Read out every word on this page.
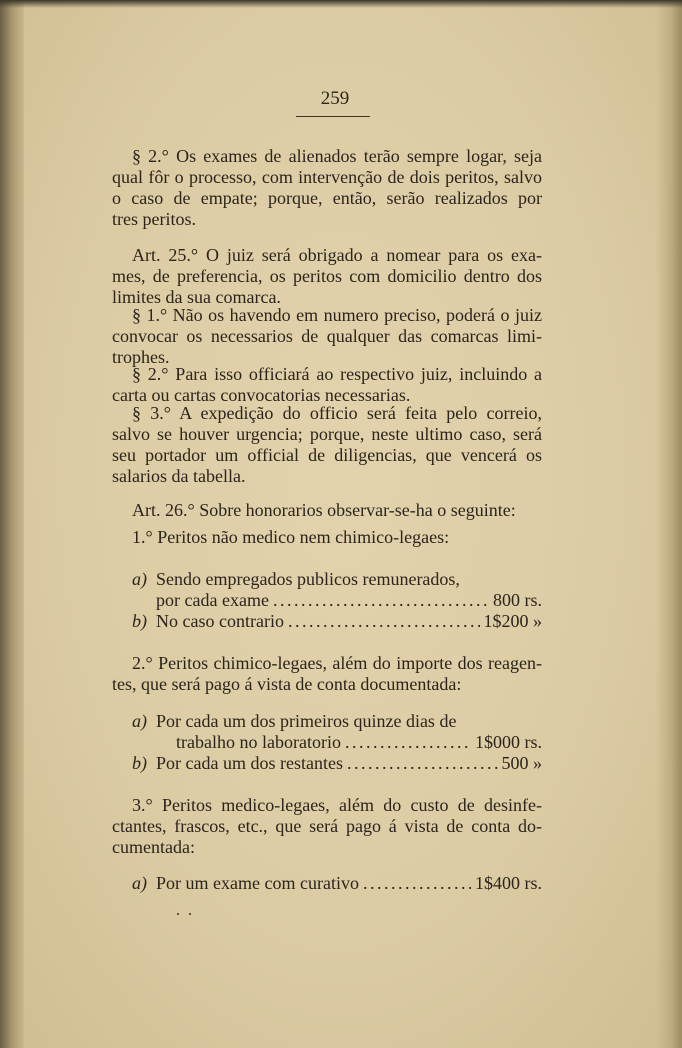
259
§ 2.° Os exames de alienados terão sempre logar, seja
qual fôr o processo, com intervenção de dois peritos, salvo
o caso de empate; porque, então, serão realizados por
tres peritos.
Art. 25.° O juiz será obrigado a nomear para os exa-
mes, de preferencia, os peritos com domicilio dentro dos
limites da sua comarca.
§ 1.° Não os havendo em numero preciso, poderá o juiz
convocar os necessarios de qualquer das comarcas limi-
trophes.
§ 2.° Para isso officiará ao respectivo juiz, incluindo a
carta ou cartas convocatorias necessarias.
§ 3.° A expedição do officio será feita pelo correio,
salvo se houver urgencia; porque, neste ultimo caso, será
seu portador um official de diligencias, que vencerá os
salarios da tabella.
Art. 26.° Sobre honorarios observar-se-ha o seguinte:
1.° Peritos não medico nem chimico-legaes:
a) Sendo empregados publicos remunerados,
por cada exame . . .	800 rs.
b) No caso contrario . . .	1$200 »
2.° Peritos chimico-legaes, além do importe dos reagen-
tes, que será pago á vista de conta documentada:
a) Por cada um dos primeiros quinze dias de
trabalho no laboratorio . . .	1$000 rs.
b) Por cada um dos restantes . . .	500 »
3.° Peritos medico-legaes, além do custo de desinfe-
ctantes, frascos, etc., que será pago á vista de conta do-
cumentada:
a) Por um exame com curativo . . .	1$400 rs.
. .
